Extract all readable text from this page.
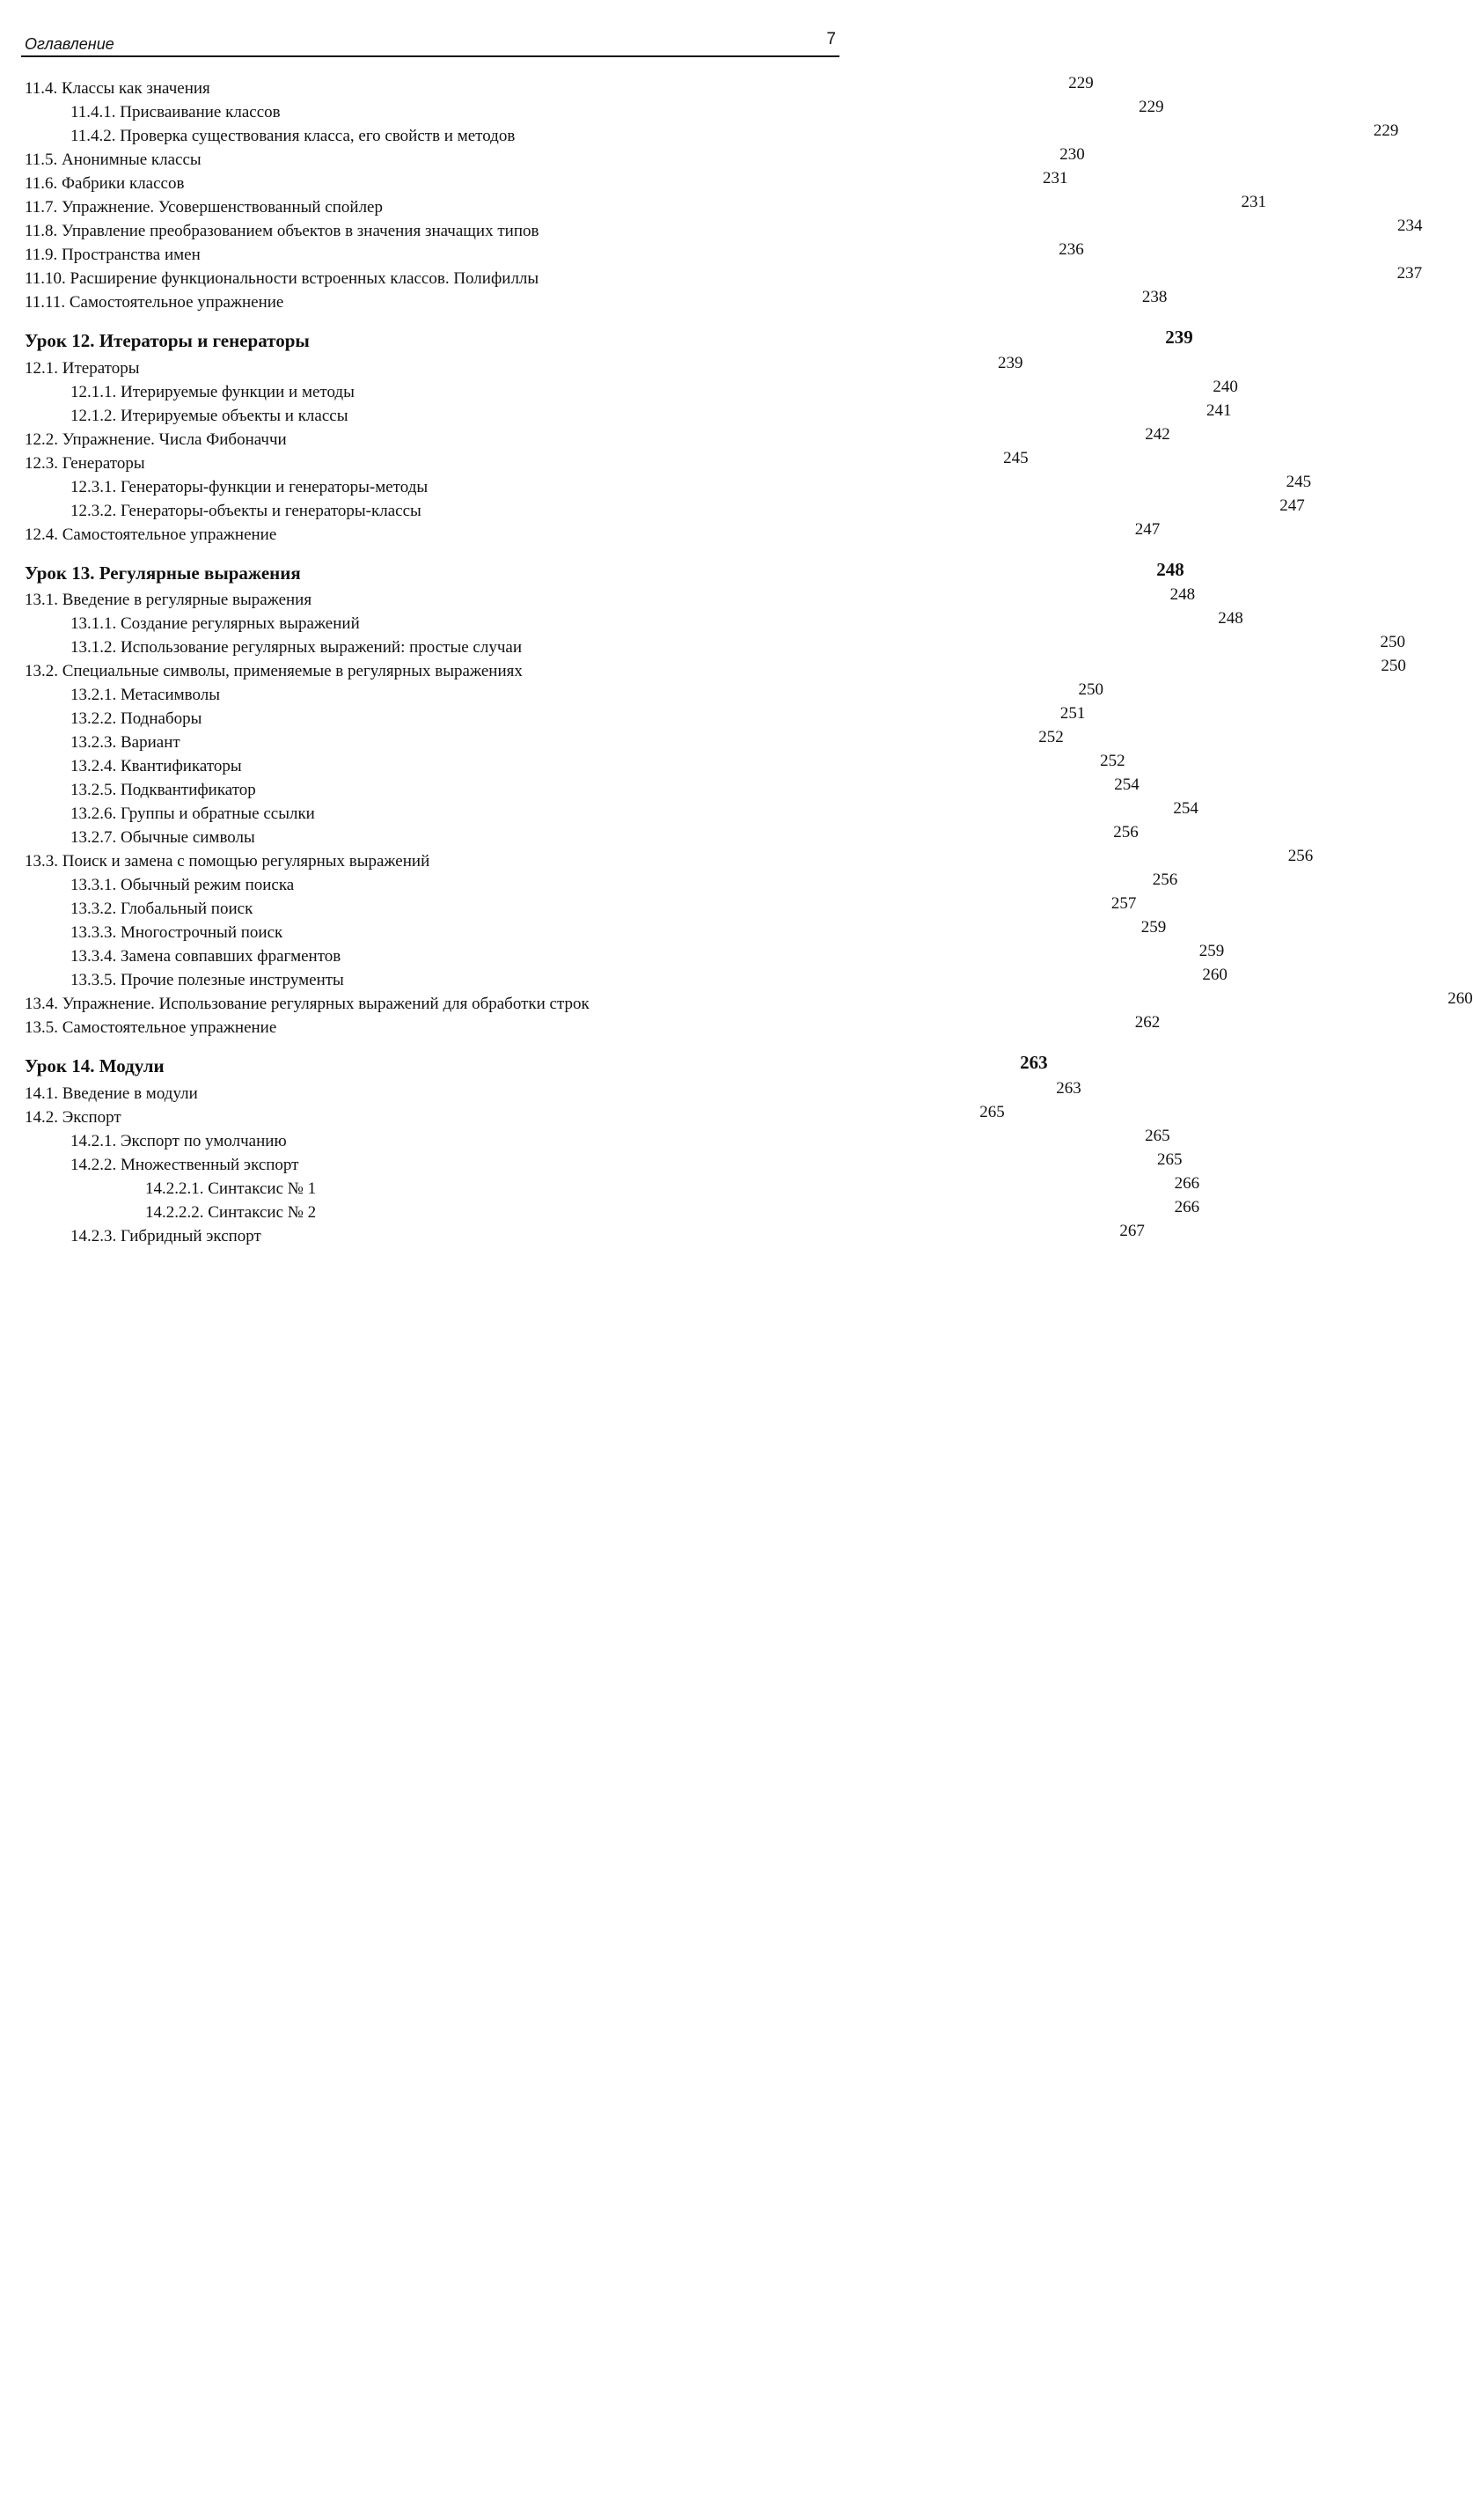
Оглавление	7
11.4. Классы как значения	229
11.4.1. Присваивание классов	229
11.4.2. Проверка существования класса, его свойств и методов	229
11.5. Анонимные классы	230
11.6. Фабрики классов	231
11.7. Упражнение. Усовершенствованный спойлер	231
11.8. Управление преобразованием объектов в значения значащих типов	234
11.9. Пространства имен	236
11.10. Расширение функциональности встроенных классов. Полифиллы	237
11.11. Самостоятельное упражнение	238
Урок 12. Итераторы и генераторы	239
12.1. Итераторы	239
12.1.1. Итерируемые функции и методы	240
12.1.2. Итерируемые объекты и классы	241
12.2. Упражнение. Числа Фибоначчи	242
12.3. Генераторы	245
12.3.1. Генераторы-функции и генераторы-методы	245
12.3.2. Генераторы-объекты и генераторы-классы	247
12.4. Самостоятельное упражнение	247
Урок 13. Регулярные выражения	248
13.1. Введение в регулярные выражения	248
13.1.1. Создание регулярных выражений	248
13.1.2. Использование регулярных выражений: простые случаи	250
13.2. Специальные символы, применяемые в регулярных выражениях	250
13.2.1. Метасимволы	250
13.2.2. Поднаборы	251
13.2.3. Вариант	252
13.2.4. Квантификаторы	252
13.2.5. Подквантификатор	254
13.2.6. Группы и обратные ссылки	254
13.2.7. Обычные символы	256
13.3. Поиск и замена с помощью регулярных выражений	256
13.3.1. Обычный режим поиска	256
13.3.2. Глобальный поиск	257
13.3.3. Многострочный поиск	259
13.3.4. Замена совпавших фрагментов	259
13.3.5. Прочие полезные инструменты	260
13.4. Упражнение. Использование регулярных выражений для обработки строк	260
13.5. Самостоятельное упражнение	262
Урок 14. Модули	263
14.1. Введение в модули	263
14.2. Экспорт	265
14.2.1. Экспорт по умолчанию	265
14.2.2. Множественный экспорт	265
14.2.2.1. Синтаксис № 1	266
14.2.2.2. Синтаксис № 2	266
14.2.3. Гибридный экспорт	267
